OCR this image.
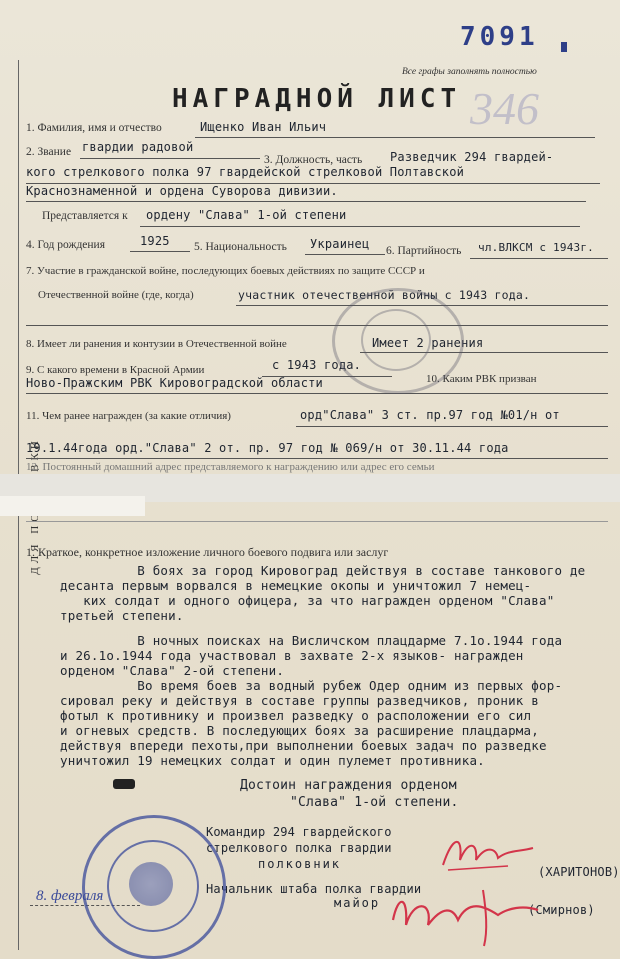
7091
Все графы заполнять полностью
НАГРАДНОЙ ЛИСТ 346
1. Фамилия, имя и отчество	Ищенко Иван Ильич
2. Звание гвардии радовой
3. Должность, часть Разведчик 294 гвардей-
кого стрелкового полка 97 гвардейской стрелковой Полтавской
Краснознаменной и ордена Суворова дивизии.
Представляется к ордену "Слава" 1-ой степени
4. Год рождения	1925 5. Национальность Украинец 6. Партийность чл.ВЛКСМ с 1943г.
7. Участие в гражданской войне, последующих боевых действиях по защите СССР и
Отечественной войне (где, когда)	участник отечественной войны с 1943 года.
8. Имеет ли ранения и контузии в Отечественной войне	Имеет 2 ранения
9. С какого времени в Красной Армии	с 1943 года.
10. Каким РВК призван
Ново-Пражским РВК Кировоградской области
11. Чем ранее награжден (за какие отличия)	орд"Слава" 3 ст. пр.97 год №01/н от
19.1.44года орд."Слава" 2 от. пр. 97 год № 069/н от 30.11.44 года
12. Постоянный домашний адрес представляемого к награждению или адрес его семьи
1. Краткое, конкретное изложение личного боевого подвига или заслуг
В боях за город Кировоград действуя в составе танкового де
десанта первым ворвался в немецкие окопы и уничтожил 7 немец-
ких солдат и одного офицера, за что награжден орденом "Слава"
третьей степени.
В ночных поисках на Висличском плацдарме 7.1о.1944 года
и 26.1о.1944 года участвовал в захвате 2-х языков- награжден
орденом "Слава" 2-ой степени.
Во время боев за водный рубеж Одер одним из первых фор-
сировал реку и действуя в составе группы разведчиков, проник в
фотыл к противнику и произвел разведку о расположении его сил
и огневых средств. В последующих боях за расширение плацдарма,
действуя впереди пехоты,при выполнении боевых задач по разведке
уничтожил 19 немецких солдат и один пулемет противника.
Достоин награждения орденом
"Слава" 1-ой степени.
Командир 294 гвардейского
стрелкового полка гвардии
полковник
(ХАРИТОНОВ)
Начальник штаба полка гвардии
майор	(Смирнов)
8. февраля
